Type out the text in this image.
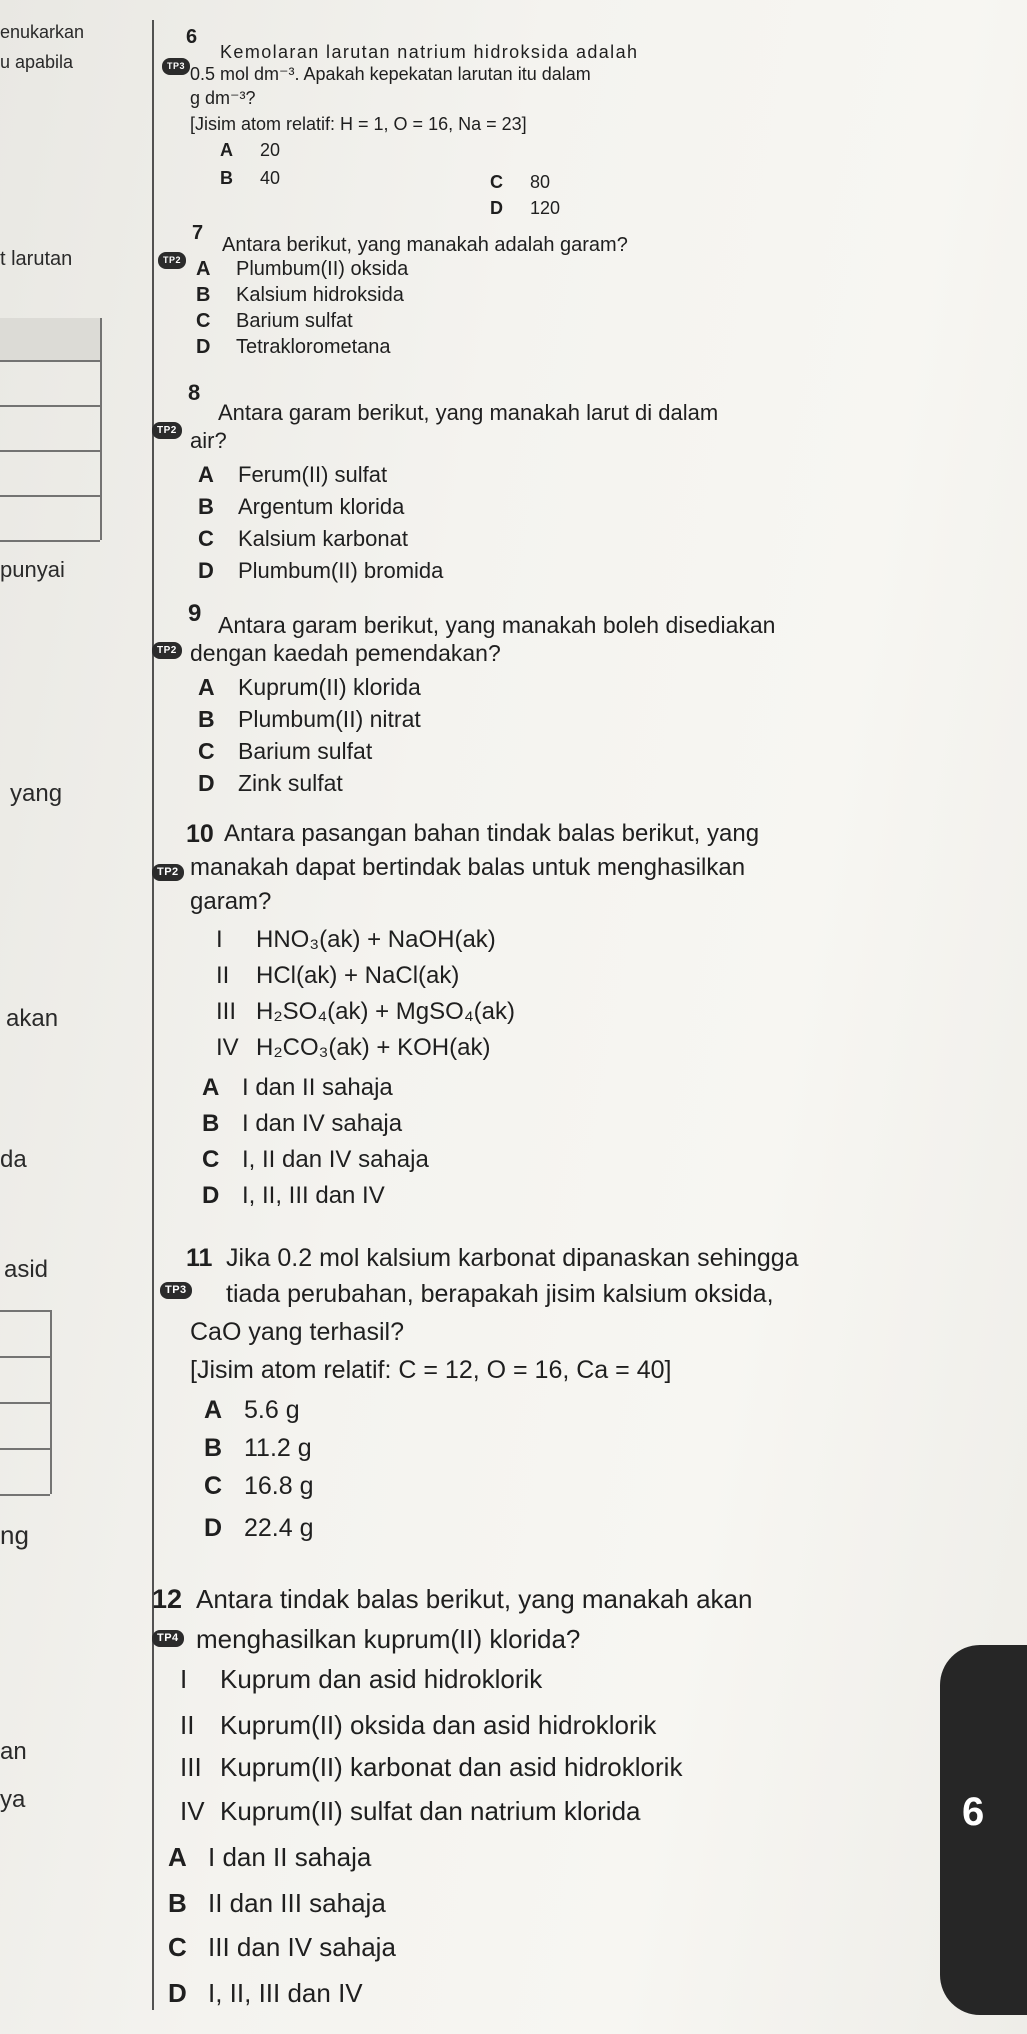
enukarkan
u apabila
t larutan
punyai
yang
akan
da
asid
ng
an
ya
6
TP3
Kemolaran larutan natrium hidroksida adalah
0.5 mol dm⁻³. Apakah kepekatan larutan itu dalam
g dm⁻³?
[Jisim atom relatif: H = 1, O = 16, Na = 23]
A 20
B 40	C 80
D 120
7
TP2
Antara berikut, yang manakah adalah garam?
A Plumbum(II) oksida
B Kalsium hidroksida
C Barium sulfat
D Tetraklorometana
8
TP2
Antara garam berikut, yang manakah larut di dalam
air?
A Ferum(II) sulfat
B Argentum klorida
C Kalsium karbonat
D Plumbum(II) bromida
9
TP2
Antara garam berikut, yang manakah boleh disediakan
dengan kaedah pemendakan?
A Kuprum(II) klorida
B Plumbum(II) nitrat
C Barium sulfat
D Zink sulfat
10
TP2
Antara pasangan bahan tindak balas berikut, yang
manakah dapat bertindak balas untuk menghasilkan
garam?
I HNO₃(ak) + NaOH(ak)
II HCl(ak) + NaCl(ak)
III H₂SO₄(ak) + MgSO₄(ak)
IV H₂CO₃(ak) + KOH(ak)
A I dan II sahaja
B I dan IV sahaja
C I, II dan IV sahaja
D I, II, III dan IV
11
TP3
Jika 0.2 mol kalsium karbonat dipanaskan sehingga
tiada perubahan, berapakah jisim kalsium oksida,
CaO yang terhasil?
[Jisim atom relatif: C = 12, O = 16, Ca = 40]
A 5.6 g
B 11.2 g
C 16.8 g
D 22.4 g
12
TP4
Antara tindak balas berikut, yang manakah akan
menghasilkan kuprum(II) klorida?
I Kuprum dan asid hidroklorik
II Kuprum(II) oksida dan asid hidroklorik
III Kuprum(II) karbonat dan asid hidroklorik
IV Kuprum(II) sulfat dan natrium klorida
A I dan II sahaja
B II dan III sahaja
C III dan IV sahaja
D I, II, III dan IV
6
